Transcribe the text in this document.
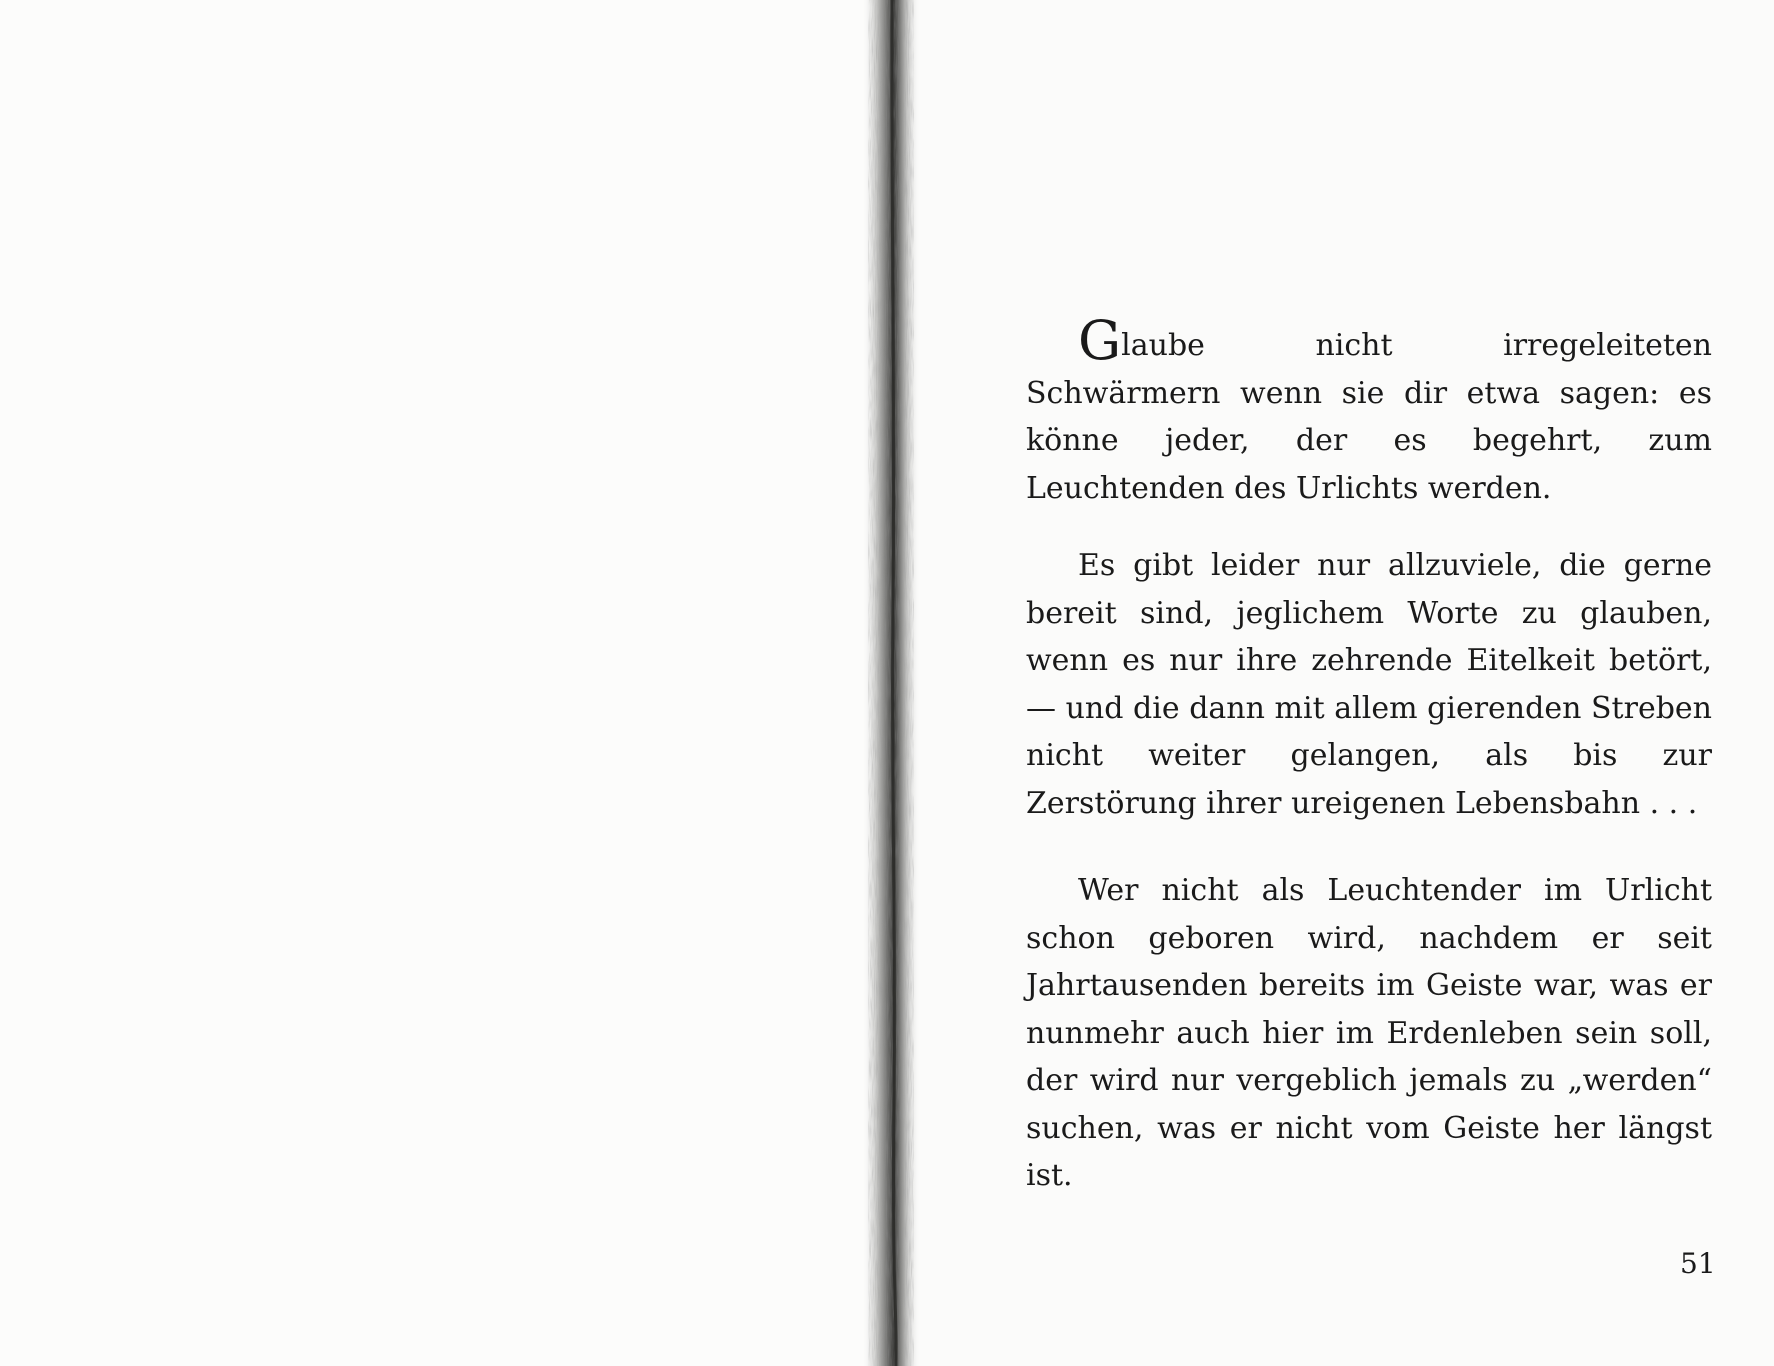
Glaube nicht irregeleiteten Schwärmern wenn sie dir etwa sagen: es könne jeder, der es begehrt, zum Leuchtenden des Urlichts werden.

Es gibt leider nur allzuviele, die gerne bereit sind, jeglichem Worte zu glauben, wenn es nur ihre zehrende Eitelkeit betört, — und die dann mit allem gierenden Streben nicht weiter gelangen, als bis zur Zerstörung ihrer ureigenen Lebensbahn . . .

Wer nicht als Leuchtender im Urlicht schon geboren wird, nachdem er seit Jahrtausenden bereits im Geiste war, was er nunmehr auch hier im Erdenleben sein soll, der wird nur vergeblich jemals zu „werden“ suchen, was er nicht vom Geiste her längst ist.

51
